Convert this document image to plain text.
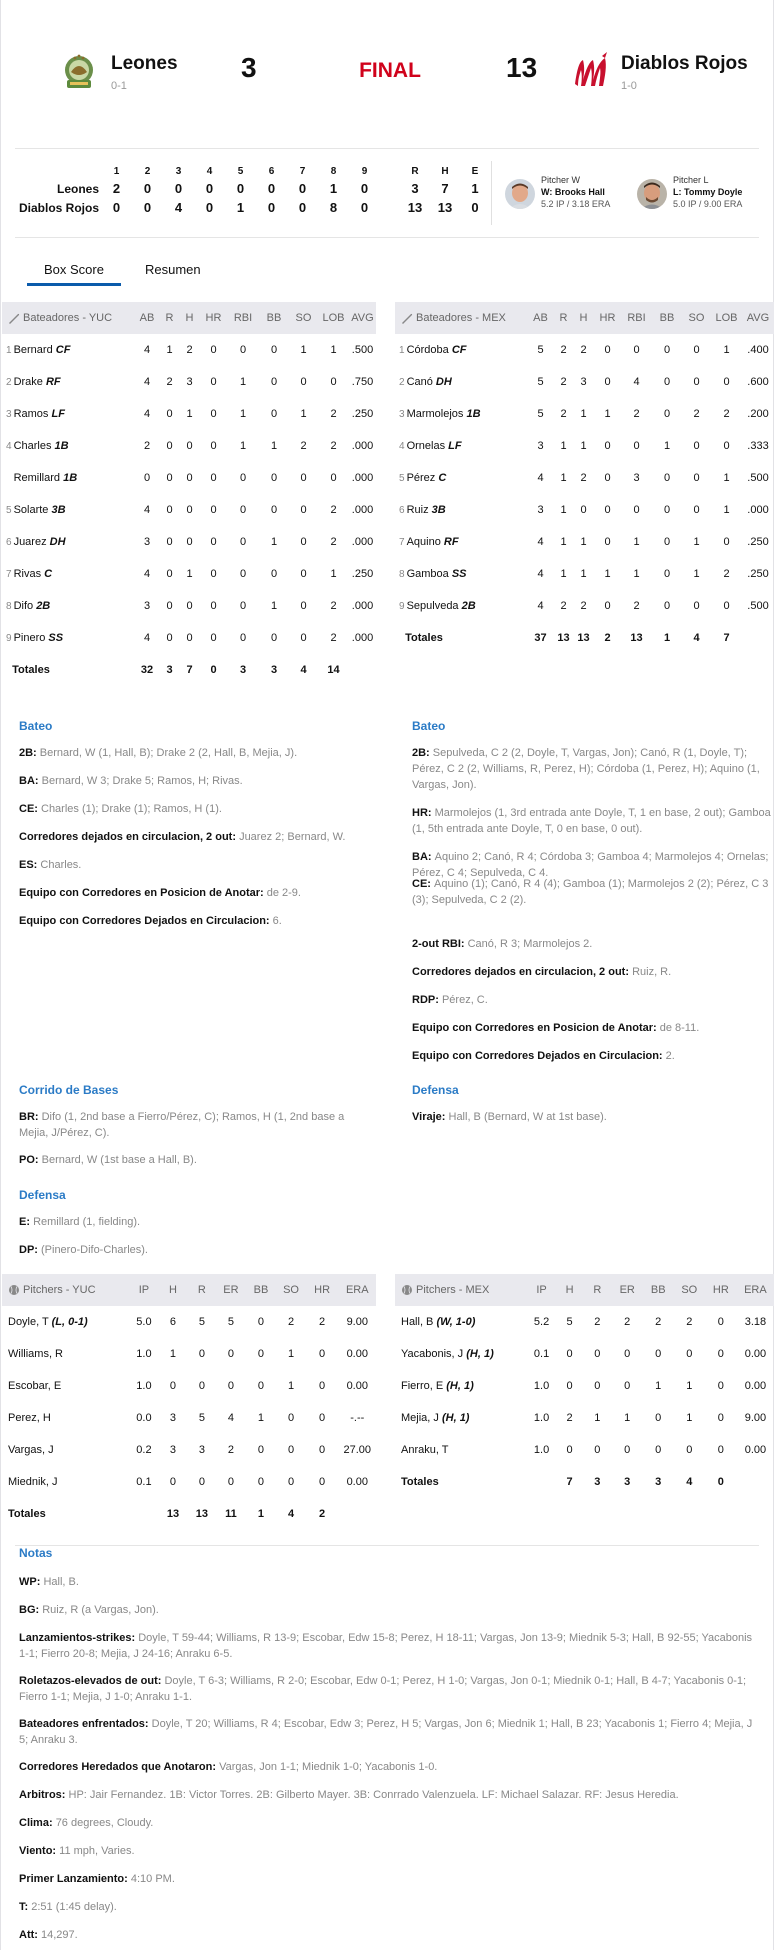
Leones
0-1
3	FINAL	13	Diablos Rojos
1-0
	1	2	3	4	5	6	7	8	9		R	H	E
Leones	2	0	0	0	0	0	0	1	0		3	7	1
Diablos Rojos	0	0	4	0	1	0	0	8	0		13	13	0
Pitcher W
W: Brooks Hall
5.2 IP / 3.18 ERA
Pitcher L
L: Tommy Doyle
5.0 IP / 9.00 ERA
Box Score	Resumen
Bateadores - YUC	AB	R	H	HR	RBI	BB	SO	LOB	AVG
1 Bernard CF	4	1	2	0	0	0	1	1	.500
2 Drake RF	4	2	3	0	1	0	0	0	.750
3 Ramos LF	4	0	1	0	1	0	1	2	.250
4 Charles 1B	2	0	0	0	1	1	2	2	.000
Remillard 1B	0	0	0	0	0	0	0	0	.000
5 Solarte 3B	4	0	0	0	0	0	0	2	.000
6 Juarez DH	3	0	0	0	0	1	0	2	.000
7 Rivas C	4	0	1	0	0	0	0	1	.250
8 Difo 2B	3	0	0	0	0	1	0	2	.000
9 Pinero SS	4	0	0	0	0	0	0	2	.000
Totales	32	3	7	0	3	3	4	14	
Bateadores - MEX	AB	R	H	HR	RBI	BB	SO	LOB	AVG
1 Córdoba CF	5	2	2	0	0	0	0	1	.400
2 Canó DH	5	2	3	0	4	0	0	0	.600
3 Marmolejos 1B	5	2	1	1	2	0	2	2	.200
4 Ornelas LF	3	1	1	0	0	1	0	0	.333
5 Pérez C	4	1	2	0	3	0	0	1	.500
6 Ruiz 3B	3	1	0	0	0	0	0	1	.000
7 Aquino RF	4	1	1	0	1	0	1	0	.250
8 Gamboa SS	4	1	1	1	1	0	1	2	.250
9 Sepulveda 2B	4	2	2	0	2	0	0	0	.500
Totales	37	13	13	2	13	1	4	7	
Bateo
2B: Bernard, W (1, Hall, B); Drake 2 (2, Hall, B, Mejia, J).
BA: Bernard, W 3; Drake 5; Ramos, H; Rivas.
CE: Charles (1); Drake (1); Ramos, H (1).
Corredores dejados en circulacion, 2 out: Juarez 2; Bernard, W.
ES: Charles.
Equipo con Corredores en Posicion de Anotar: de 2-9.
Equipo con Corredores Dejados en Circulacion: 6.
Corrido de Bases
BR: Difo (1, 2nd base a Fierro/Pérez, C); Ramos, H (1, 2nd base a Mejia, J/Pérez, C).
PO: Bernard, W (1st base a Hall, B).
Defensa
E: Remillard (1, fielding).
DP: (Pinero-Difo-Charles).
Bateo
2B: Sepulveda, C 2 (2, Doyle, T, Vargas, Jon); Canó, R (1, Doyle, T); Pérez, C 2 (2, Williams, R, Perez, H); Córdoba (1, Perez, H); Aquino (1, Vargas, Jon).
HR: Marmolejos (1, 3rd entrada ante Doyle, T, 1 en base, 2 out); Gamboa (1, 5th entrada ante Doyle, T, 0 en base, 0 out).
BA: Aquino 2; Canó, R 4; Córdoba 3; Gamboa 4; Marmolejos 4; Ornelas; Pérez, C 4; Sepulveda, C 4.
CE: Aquino (1); Canó, R 4 (4); Gamboa (1); Marmolejos 2 (2); Pérez, C 3 (3); Sepulveda, C 2 (2).
2-out RBI: Canó, R 3; Marmolejos 2.
Corredores dejados en circulacion, 2 out: Ruiz, R.
RDP: Pérez, C.
Equipo con Corredores en Posicion de Anotar: de 8-11.
Equipo con Corredores Dejados en Circulacion: 2.
Defensa
Viraje: Hall, B (Bernard, W at 1st base).
Pitchers - YUC	IP	H	R	ER	BB	SO	HR	ERA
Doyle, T (L, 0-1)	5.0	6	5	5	0	2	2	9.00
Williams, R	1.0	1	0	0	0	1	0	0.00
Escobar, E	1.0	0	0	0	0	1	0	0.00
Perez, H	0.0	3	5	4	1	0	0	-.--
Vargas, J	0.2	3	3	2	0	0	0	27.00
Miednik, J	0.1	0	0	0	0	0	0	0.00
Totales		13	13	11	1	4	2	
Pitchers - MEX	IP	H	R	ER	BB	SO	HR	ERA
Hall, B (W, 1-0)	5.2	5	2	2	2	2	0	3.18
Yacabonis, J (H, 1)	0.1	0	0	0	0	0	0	0.00
Fierro, E (H, 1)	1.0	0	0	0	1	1	0	0.00
Mejia, J (H, 1)	1.0	2	1	1	0	1	0	9.00
Anraku, T	1.0	0	0	0	0	0	0	0.00
Totales		7	3	3	3	4	0	
Notas
WP: Hall, B.
BG: Ruiz, R (a Vargas, Jon).
Lanzamientos-strikes: Doyle, T 59-44; Williams, R 13-9; Escobar, Edw 15-8; Perez, H 18-11; Vargas, Jon 13-9; Miednik 5-3; Hall, B 92-55; Yacabonis 1-1; Fierro 20-8; Mejia, J 24-16; Anraku 6-5.
Roletazos-elevados de out: Doyle, T 6-3; Williams, R 2-0; Escobar, Edw 0-1; Perez, H 1-0; Vargas, Jon 0-1; Miednik 0-1; Hall, B 4-7; Yacabonis 0-1; Fierro 1-1; Mejia, J 1-0; Anraku 1-1.
Bateadores enfrentados: Doyle, T 20; Williams, R 4; Escobar, Edw 3; Perez, H 5; Vargas, Jon 6; Miednik 1; Hall, B 23; Yacabonis 1; Fierro 4; Mejia, J 5; Anraku 3.
Corredores Heredados que Anotaron: Vargas, Jon 1-1; Miednik 1-0; Yacabonis 1-0.
Arbitros: HP: Jair Fernandez. 1B: Victor Torres. 2B: Gilberto Mayer. 3B: Conrrado Valenzuela. LF: Michael Salazar. RF: Jesus Heredia.
Clima: 76 degrees, Cloudy.
Viento: 11 mph, Varies.
Primer Lanzamiento: 4:10 PM.
T: 2:51 (1:45 delay).
Att: 14,297.
